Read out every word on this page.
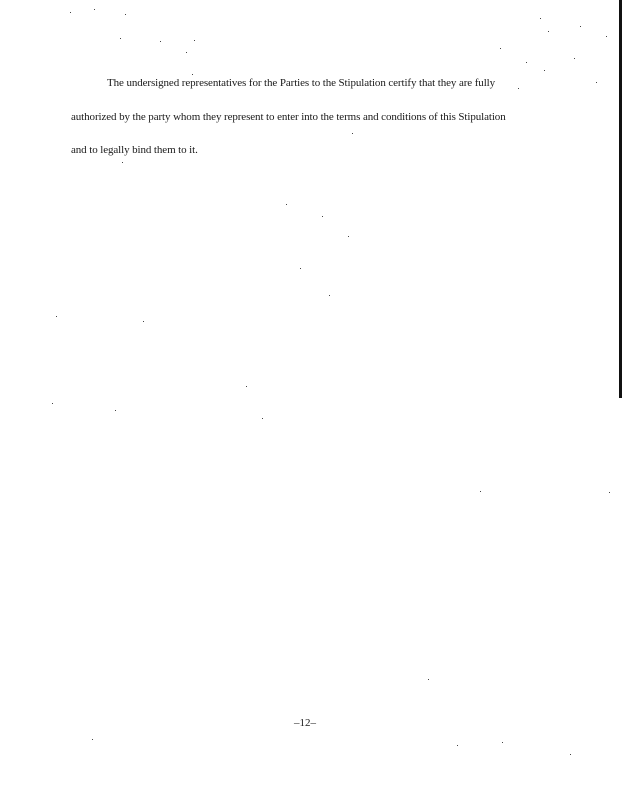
The undersigned representatives for the Parties to the Stipulation certify that they are fully
authorized by the party whom they represent to enter into the terms and conditions of this Stipulation
and to legally bind them to it.
–12–
